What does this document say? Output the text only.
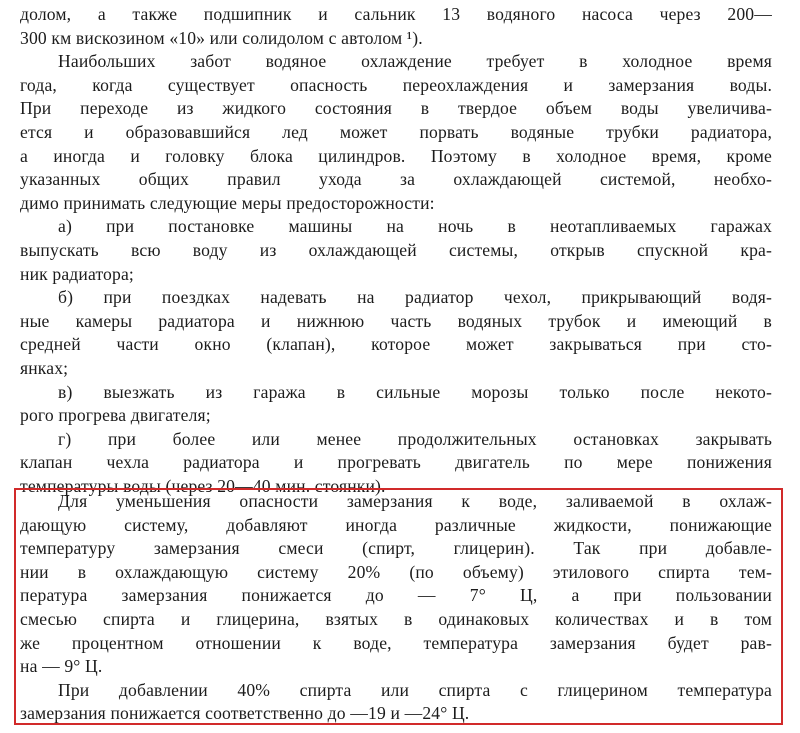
долом, а также подшипник и сальник 13 водяного насоса через 200—
300 км вискозином «10» или солидолом с автолом ¹).
Наибольших забот водяное охлаждение требует в холодное время
года, когда существует опасность переохлаждения и замерзания воды.
При переходе из жидкого состояния в твердое объем воды увеличива-
ется и образовавшийся лед может порвать водяные трубки радиатора,
а иногда и головку блока цилиндров. Поэтому в холодное время, кроме
указанных общих правил ухода за охлаждающей системой, необхо-
димо принимать следующие меры предосторожности:
а) при постановке машины на ночь в неотапливаемых гаражах
выпускать всю воду из охлаждающей системы, открыв спускной кра-
ник радиатора;
б) при поездках надевать на радиатор чехол, прикрывающий водя-
ные камеры радиатора и нижнюю часть водяных трубок и имеющий в
средней части окно (клапан), которое может закрываться при сто-
янках;
в) выезжать из гаража в сильные морозы только после некото-
рого прогрева двигателя;
г) при более или менее продолжительных остановках закрывать
клапан чехла радиатора и прогревать двигатель по мере понижения
температуры воды (через 20—40 мин. стоянки).
Для уменьшения опасности замерзания к воде, заливаемой в охлаж-
дающую систему, добавляют иногда различные жидкости, понижающие
температуру замерзания смеси (спирт, глицерин). Так при добавле-
нии в охлаждающую систему 20% (по объему) этилового спирта тем-
пература замерзания понижается до — 7° Ц, а при пользовании
смесью спирта и глицерина, взятых в одинаковых количествах и в том
же процентном отношении к воде, температура замерзания будет рав-
на — 9° Ц.
При добавлении 40% спирта или спирта с глицерином температура
замерзания понижается соответственно до —19 и —24° Ц.
